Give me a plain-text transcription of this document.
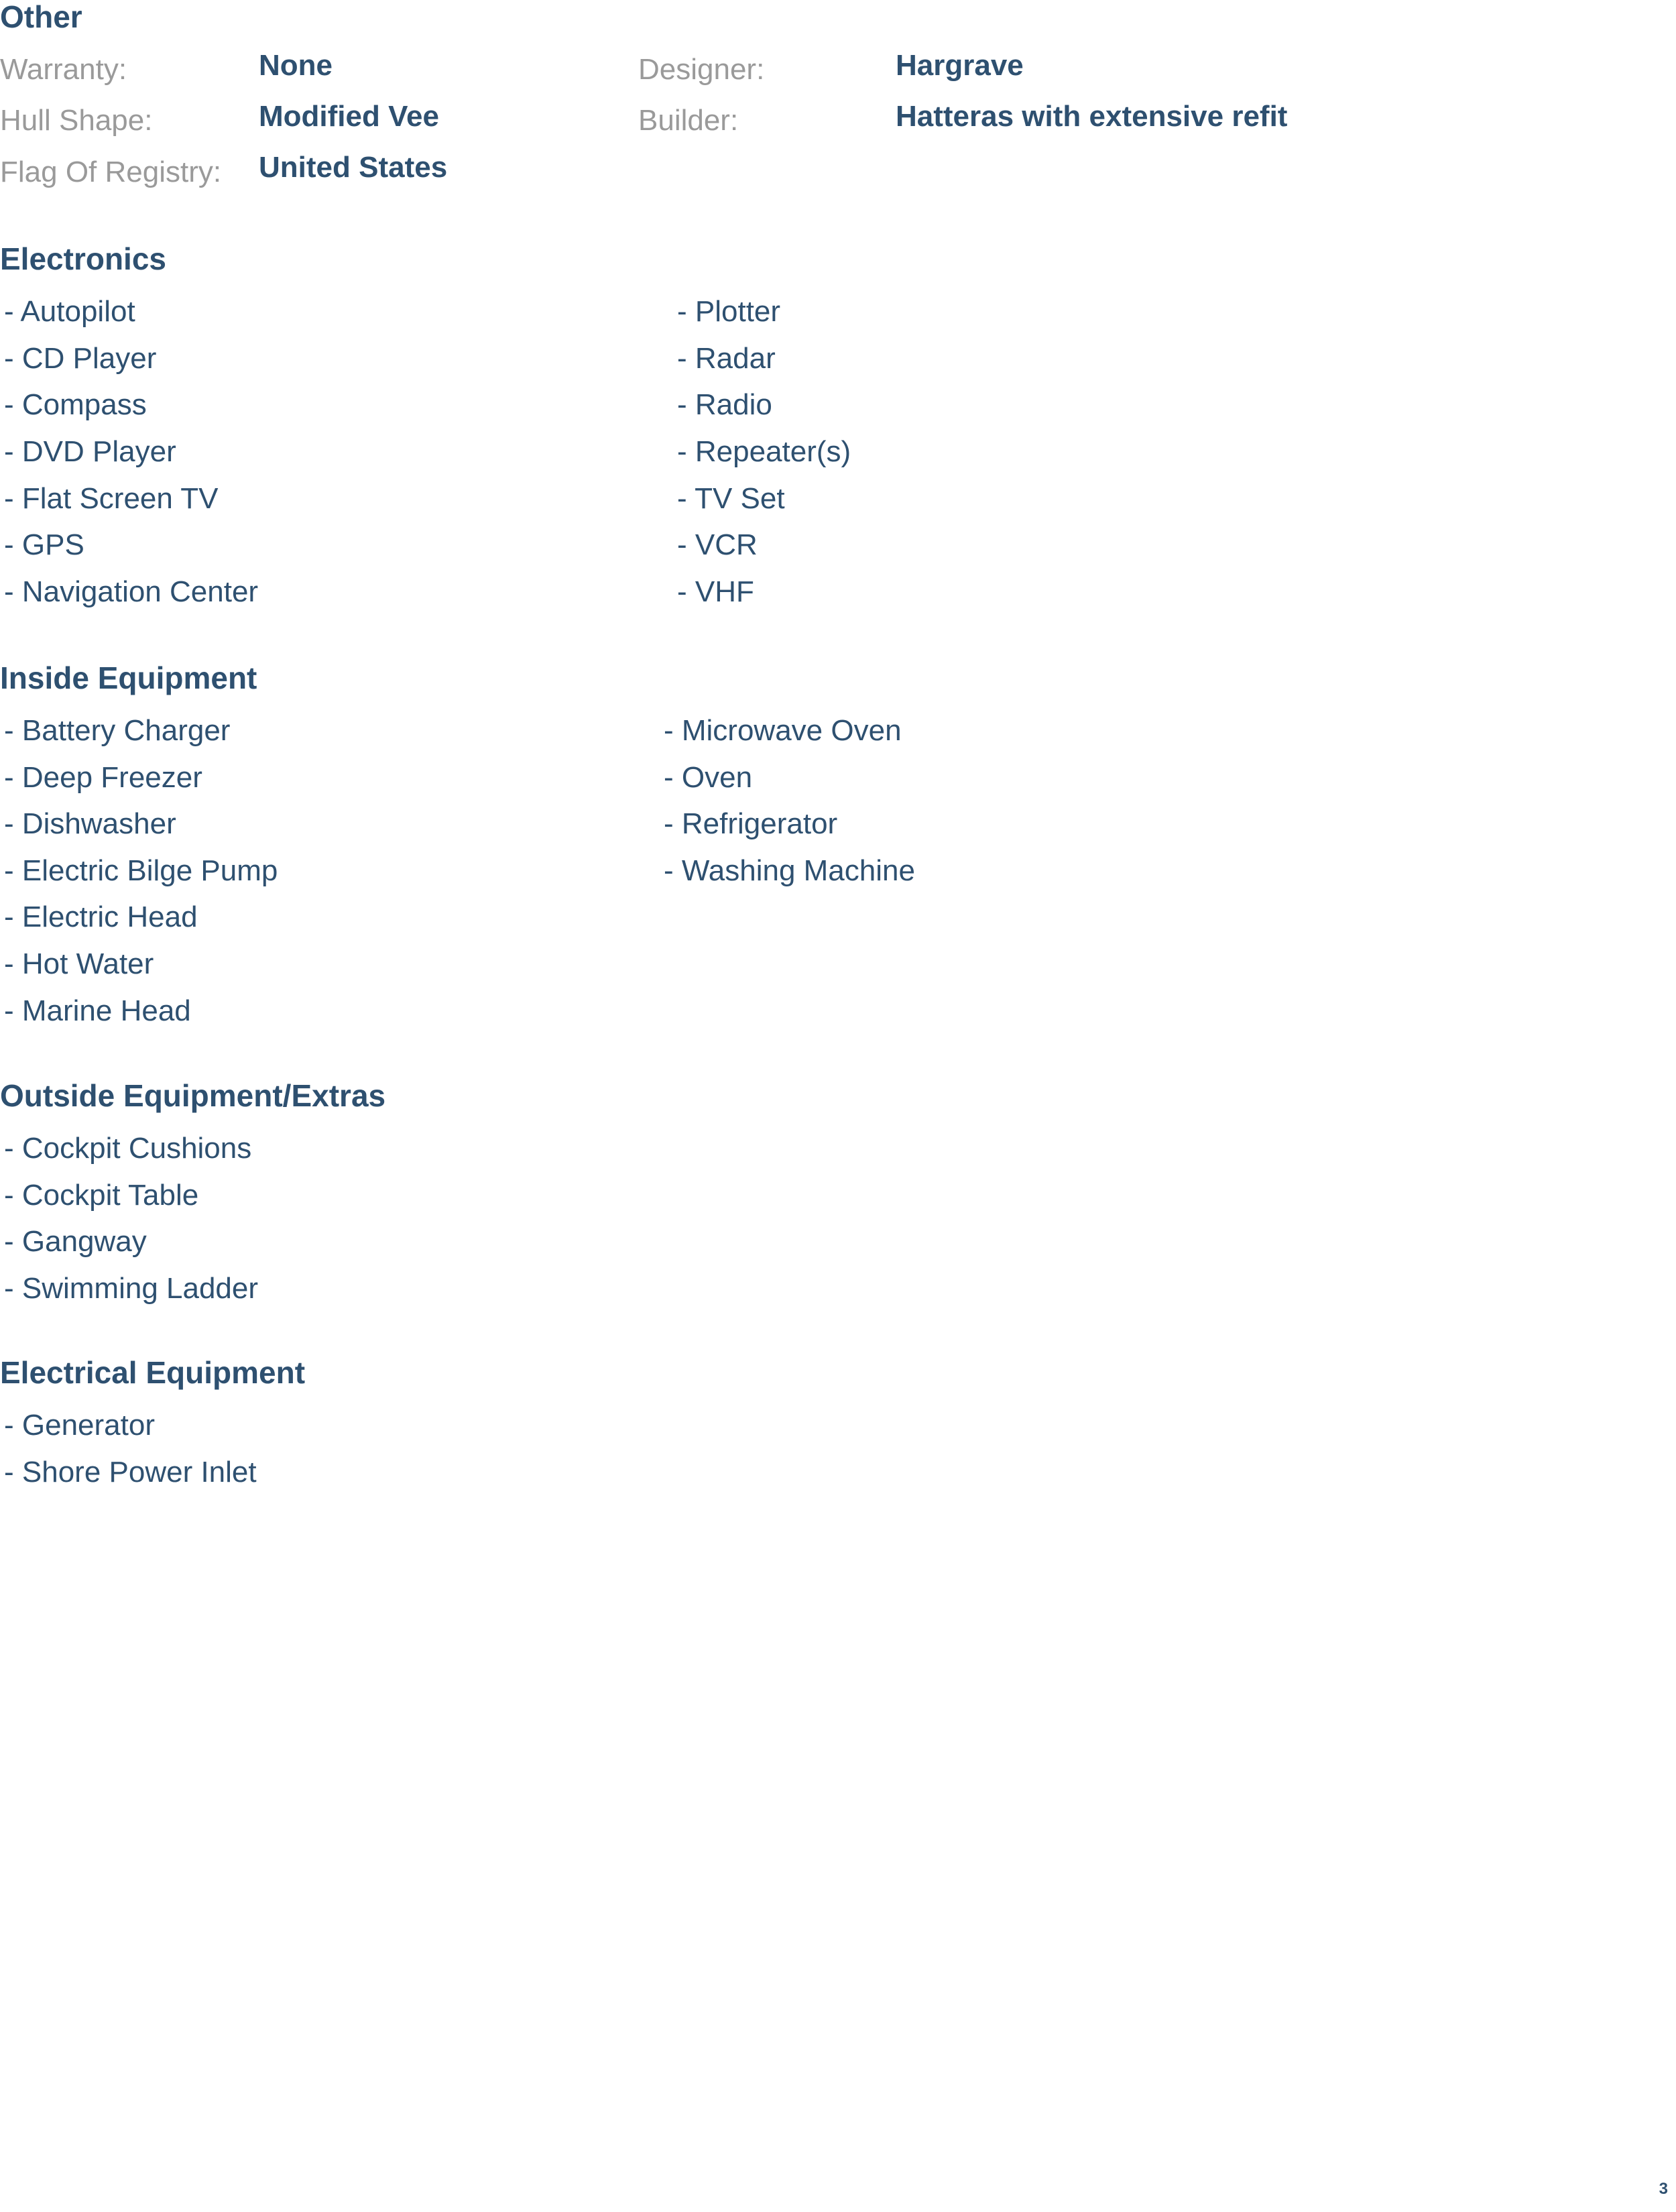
Other
Warranty:	None
Hull Shape:	Modified Vee
Flag Of Registry: United States
Designer:	Hargrave
Builder:	Hatteras with extensive refit
Electronics
- Autopilot
- CD Player
- Compass
- DVD Player
- Flat Screen TV
- GPS
- Navigation Center
- Plotter
- Radar
- Radio
- Repeater(s)
- TV Set
- VCR
- VHF
Inside Equipment
- Battery Charger
- Deep Freezer
- Dishwasher
- Electric Bilge Pump
- Electric Head
- Hot Water
- Marine Head
- Microwave Oven
- Oven
- Refrigerator
- Washing Machine
Outside Equipment/Extras
- Cockpit Cushions
- Cockpit Table
- Gangway
- Swimming Ladder
Electrical Equipment
- Generator
- Shore Power Inlet
3
